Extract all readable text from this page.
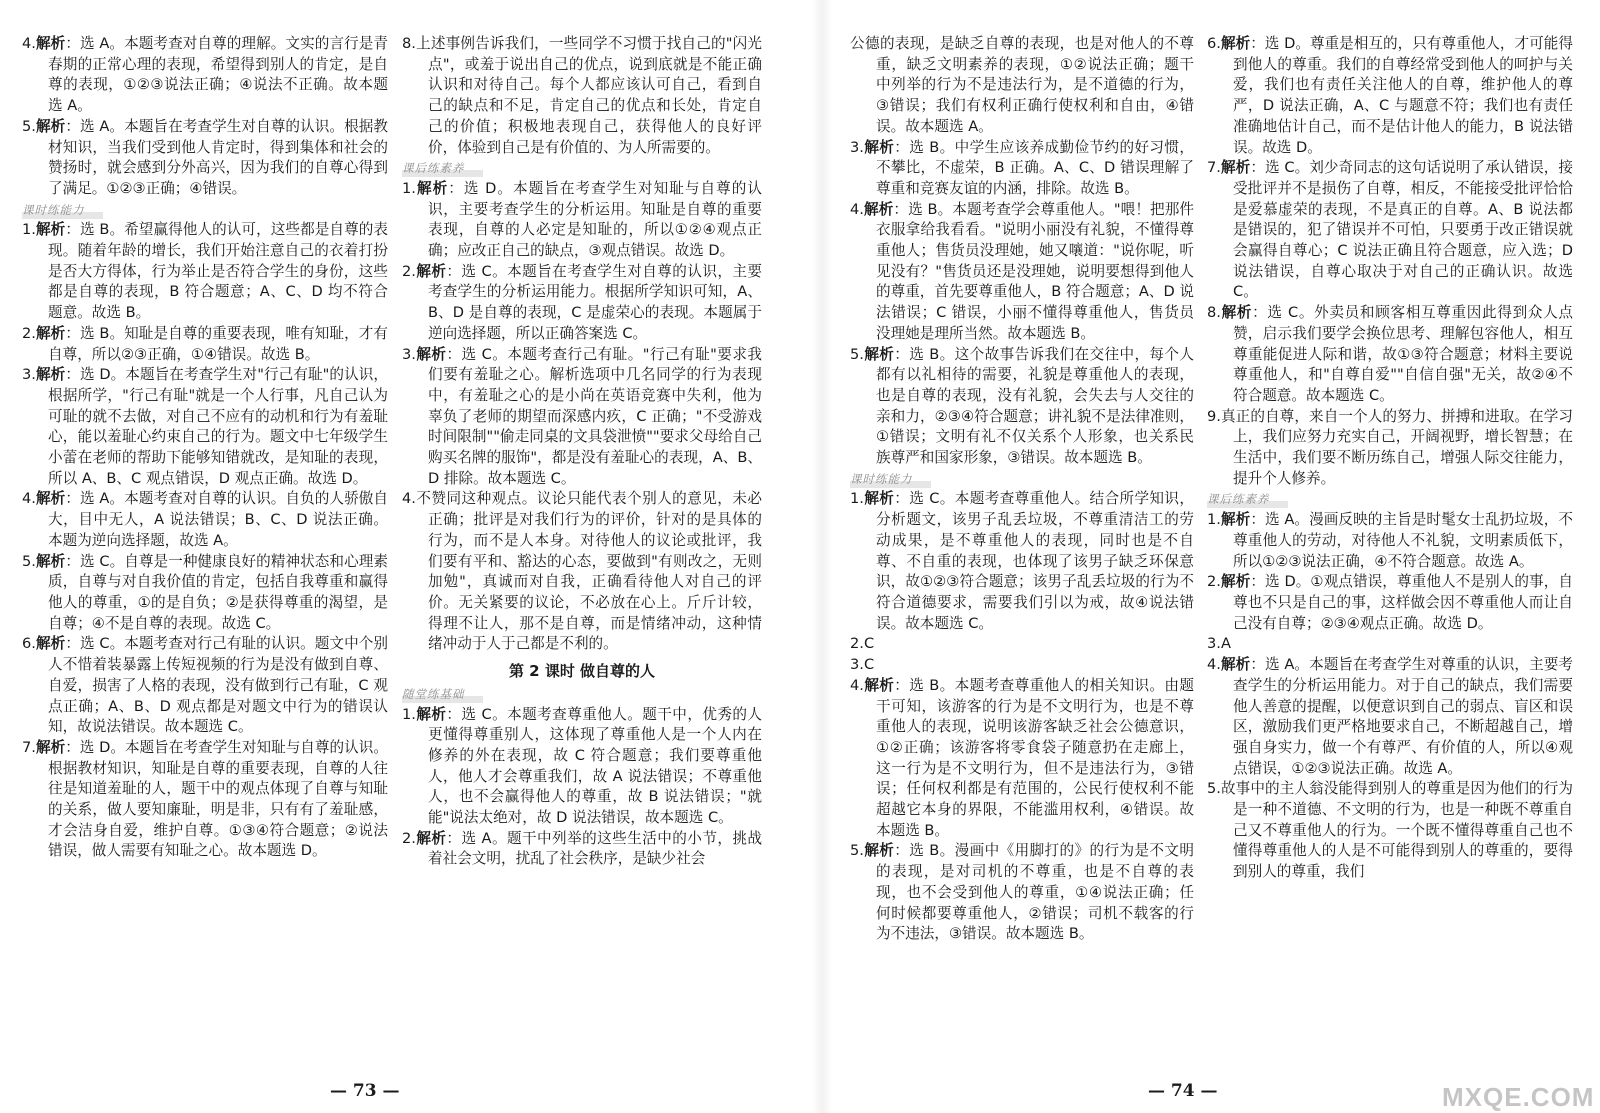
4.解析：选 A。本题考查对自尊的理解。文实的言行是青春期的正常心理的表现，希望得到别人的肯定，是自尊的表现，①②③说法正确；④说法不正确。故本题选 A。
5.解析：选 A。本题旨在考查学生对自尊的认识。根据教材知识，当我们受到他人肯定时，得到集体和社会的赞扬时，就会感到分外高兴，因为我们的自尊心得到了满足。①②③正确；④错误。
课时练能力
1.解析：选 B。希望赢得他人的认可，这些都是自尊的表现。随着年龄的增长，我们开始注意自己的衣着打扮是否大方得体，行为举止是否符合学生的身份，这些都是自尊的表现，B 符合题意；A、C、D 均不符合题意。故选 B。
2.解析：选 B。知耻是自尊的重要表现，唯有知耻，才有自尊，所以②③正确，①④错误。故选 B。
3.解析：选 D。本题旨在考查学生对"行己有耻"的认识，根据所学，"行己有耻"就是一个人行事，凡自己认为可耻的就不去做，对自己不应有的动机和行为有羞耻心，能以羞耻心约束自己的行为。题文中七年级学生小蕾在老师的帮助下能够知错就改，是知耻的表现，所以 A、B、C 观点错误，D 观点正确。故选 D。
4.解析：选 A。本题考查对自尊的认识。自负的人骄傲自大，目中无人，A 说法错误；B、C、D 说法正确。本题为逆向选择题，故选 A。
5.解析：选 C。自尊是一种健康良好的精神状态和心理素质，自尊与对自我价值的肯定，包括自我尊重和赢得他人的尊重，①的是自负；②是获得尊重的渴望，是自尊；④不是自尊的表现。故选 C。
6.解析：选 C。本题考查对行己有耻的认识。题文中个别人不惜着装暴露上传短视频的行为是没有做到自尊、自爱，损害了人格的表现，没有做到行己有耻，C 观点正确；A、B、D 观点都是对题文中行为的错误认知，故说法错误。故本题选 C。
7.解析：选 D。本题旨在考查学生对知耻与自尊的认识。根据教材知识，知耻是自尊的重要表现，自尊的人往往是知道羞耻的人，题干中的观点体现了自尊与知耻的关系，做人要知廉耻，明是非，只有有了羞耻感，才会洁身自爱，维护自尊。①③④符合题意；②说法错误，做人需要有知耻之心。故本题选 D。
8.上述事例告诉我们，一些同学不习惯于找自己的"闪光点"，或羞于说出自己的优点，说到底就是不能正确认识和对待自己。每个人都应该认可自己，看到自己的缺点和不足，肯定自己的优点和长处，肯定自己的价值；积极地表现自己，获得他人的良好评价，体验到自己是有价值的、为人所需要的。
课后练素养
1.解析：选 D。本题旨在考查学生对知耻与自尊的认识，主要考查学生的分析运用。知耻是自尊的重要表现，自尊的人必定是知耻的，所以①②④观点正确；应改正自己的缺点，③观点错误。故选 D。
2.解析：选 C。本题旨在考查学生对自尊的认识，主要考查学生的分析运用能力。根据所学知识可知，A、B、D 是自尊的表现，C 是虚荣心的表现。本题属于逆向选择题，所以正确答案选 C。
3.解析：选 C。本题考查行己有耻。"行己有耻"要求我们要有羞耻之心。解析选项中几名同学的行为表现中，有羞耻之心的是小尚在英语竞赛中失利，他为辜负了老师的期望而深感内疚，C 正确；"不受游戏时间限制""偷走同桌的文具袋泄愤""要求父母给自己购买名牌的服饰"，都是没有羞耻心的表现，A、B、D 排除。故本题选 C。
4.不赞同这种观点。议论只能代表个别人的意见，未必正确；批评是对我们行为的评价，针对的是具体的行为，而不是人本身。对待他人的议论或批评，我们要有平和、豁达的心态，要做到"有则改之，无则加勉"，真诚而对自我，正确看待他人对自己的评价。无关紧要的议论，不必放在心上。斤斤计较，得理不让人，那不是自尊，而是情绪冲动，这种情绪冲动于人于己都是不利的。
第 2 课时 做自尊的人
随堂练基础
1.解析：选 C。本题考查尊重他人。题干中，优秀的人更懂得尊重别人，这体现了尊重他人是一个人内在修养的外在表现，故 C 符合题意；我们要尊重他人，他人才会尊重我们，故 A 说法错误；不尊重他人，也不会赢得他人的尊重，故 B 说法错误；"就能"说法太绝对，故 D 说法错误，故本题选 C。
2.解析：选 A。题干中列举的这些生活中的小节，挑战着社会文明，扰乱了社会秩序，是缺少社会
公德的表现，是缺乏自尊的表现，也是对他人的不尊重，缺乏文明素养的表现，①②说法正确；题干中列举的行为不是违法行为，是不道德的行为，③错误；我们有权利正确行使权利和自由，④错误。故本题选 A。
3.解析：选 B。中学生应该养成勤俭节约的好习惯，不攀比，不虚荣，B 正确。A、C、D 错误理解了尊重和竞赛友谊的内涵，排除。故选 B。
4.解析：选 B。本题考查学会尊重他人。"喂！把那件衣服拿给我看看。"说明小丽没有礼貌，不懂得尊重他人；售货员没理她，她又嚷道："说你呢，听见没有？"售货员还是没理她，说明要想得到他人的尊重，首先要尊重他人，B 符合题意；A、D 说法错误；C 错误，小丽不懂得尊重他人，售货员没理她是理所当然。故本题选 B。
5.解析：选 B。这个故事告诉我们在交往中，每个人都有以礼相待的需要，礼貌是尊重他人的表现，也是自尊的表现，没有礼貌，会失去与人交往的亲和力，②③④符合题意；讲礼貌不是法律准则，①错误；文明有礼不仅关系个人形象，也关系民族尊严和国家形象，③错误。故本题选 B。
课时练能力
1.解析：选 C。本题考查尊重他人。结合所学知识，分析题文，该男子乱丢垃圾，不尊重清洁工的劳动成果，是不尊重他人的表现，同时也是不自尊、不自重的表现，也体现了该男子缺乏环保意识，故①②③符合题意；该男子乱丢垃圾的行为不符合道德要求，需要我们引以为戒，故④说法错误。故本题选 C。
2.C
3.C
4.解析：选 B。本题考查尊重他人的相关知识。由题干可知，该游客的行为是不文明行为，也是不尊重他人的表现，说明该游客缺乏社会公德意识，①②正确；该游客将零食袋子随意扔在走廊上，这一行为是不文明行为，但不是违法行为，③错误；任何权利都是有范围的，公民行使权利不能超越它本身的界限，不能滥用权利，④错误。故本题选 B。
5.解析：选 B。漫画中《用脚打的》的行为是不文明的表现，是对司机的不尊重，也是不自尊的表现，也不会受到他人的尊重，①④说法正确；任何时候都要尊重他人，②错误；司机不载客的行为不违法，③错误。故本题选 B。
6.解析：选 D。尊重是相互的，只有尊重他人，才可能得到他人的尊重。我们的自尊经常受到他人的呵护与关爱，我们也有责任关注他人的自尊，维护他人的尊严，D 说法正确，A、C 与题意不符；我们也有责任准确地估计自己，而不是估计他人的能力，B 说法错误。故选 D。
7.解析：选 C。刘少奇同志的这句话说明了承认错误，接受批评并不是损伤了自尊，相反，不能接受批评恰恰是爱慕虚荣的表现，不是真正的自尊。A、B 说法都是错误的，犯了错误并不可怕，只要勇于改正错误就会赢得自尊心；C 说法正确且符合题意，应入选；D 说法错误，自尊心取决于对自己的正确认识。故选 C。
8.解析：选 C。外卖员和顾客相互尊重因此得到众人点赞，启示我们要学会换位思考、理解包容他人，相互尊重能促进人际和谐，故①③符合题意；材料主要说尊重他人，和"自尊自爱""自信自强"无关，故②④不符合题意。故本题选 C。
9.真正的自尊，来自一个人的努力、拼搏和进取。在学习上，我们应努力充实自己，开阔视野，增长智慧；在生活中，我们要不断历练自己，增强人际交往能力，提升个人修养。
课后练素养
1.解析：选 A。漫画反映的主旨是时髦女士乱扔垃圾，不尊重他人的劳动，对待他人不礼貌，文明素质低下，所以①②③说法正确，④不符合题意。故选 A。
2.解析：选 D。①观点错误，尊重他人不是别人的事，自尊也不只是自己的事，这样做会因不尊重他人而让自己没有自尊；②③④观点正确。故选 D。
3.A
4.解析：选 A。本题旨在考查学生对尊重的认识，主要考查学生的分析运用能力。对于自己的缺点，我们需要他人善意的提醒，以便意识到自己的弱点、盲区和误区，激励我们更严格地要求自己，不断超越自己，增强自身实力，做一个有尊严、有价值的人，所以④观点错误，①②③说法正确。故选 A。
5.故事中的主人翁没能得到别人的尊重是因为他们的行为是一种不道德、不文明的行为，也是一种既不尊重自己又不尊重他人的行为。一个既不懂得尊重自己也不懂得尊重他人的人是不可能得到别人的尊重的，要得到别人的尊重，我们
— 73 —	— 74 —	MXQE.COM
